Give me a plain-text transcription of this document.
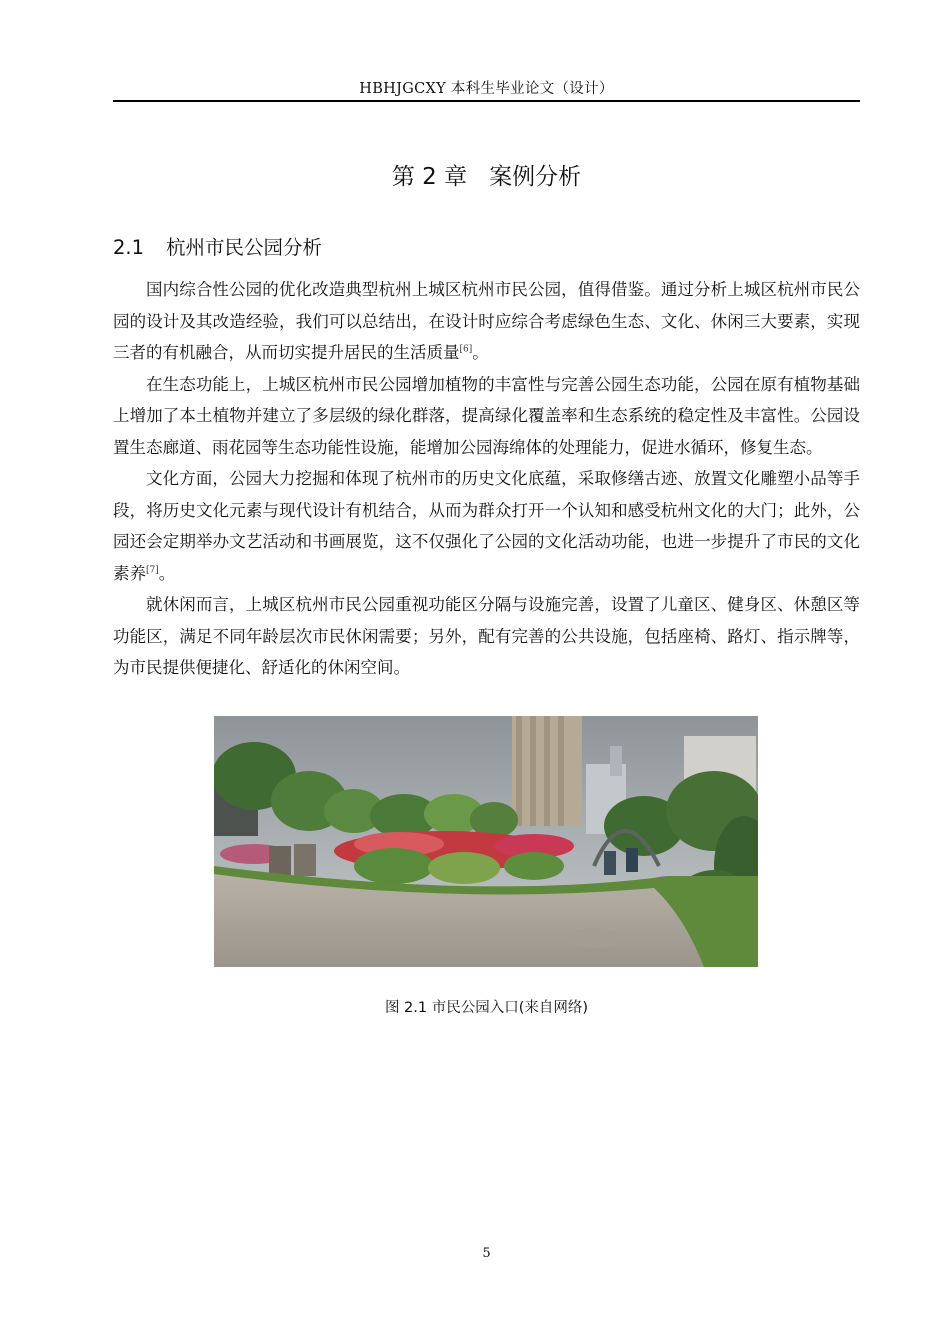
HBHJGCXY 本科生毕业论文（设计）
第 2 章 案例分析
2.1 杭州市民公园分析

国内综合性公园的优化改造典型杭州上城区杭州市民公园，值得借鉴。通过分析上城区杭州市民公园的设计及其改造经验，我们可以总结出，在设计时应综合考虑绿色生态、文化、休闲三大要素，实现三者的有机融合，从而切实提升居民的生活质量[6]。

在生态功能上，上城区杭州市民公园增加植物的丰富性与完善公园生态功能，公园在原有植物基础上增加了本土植物并建立了多层级的绿化群落，提高绿化覆盖率和生态系统的稳定性及丰富性。公园设置生态廊道、雨花园等生态功能性设施，能增加公园海绵体的处理能力，促进水循环，修复生态。

文化方面，公园大力挖掘和体现了杭州市的历史文化底蕴，采取修缮古迹、放置文化雕塑小品等手段，将历史文化元素与现代设计有机结合，从而为群众打开一个认知和感受杭州文化的大门；此外，公园还会定期举办文艺活动和书画展览，这不仅强化了公园的文化活动功能，也进一步提升了市民的文化素养[7]。

就休闲而言，上城区杭州市民公园重视功能区分隔与设施完善，设置了儿童区、健身区、休憩区等功能区，满足不同年龄层次市民休闲需要；另外，配有完善的公共设施，包括座椅、路灯、指示牌等，为市民提供便捷化、舒适化的休闲空间。

图 2.1 市民公园入口(来自网络)
5
